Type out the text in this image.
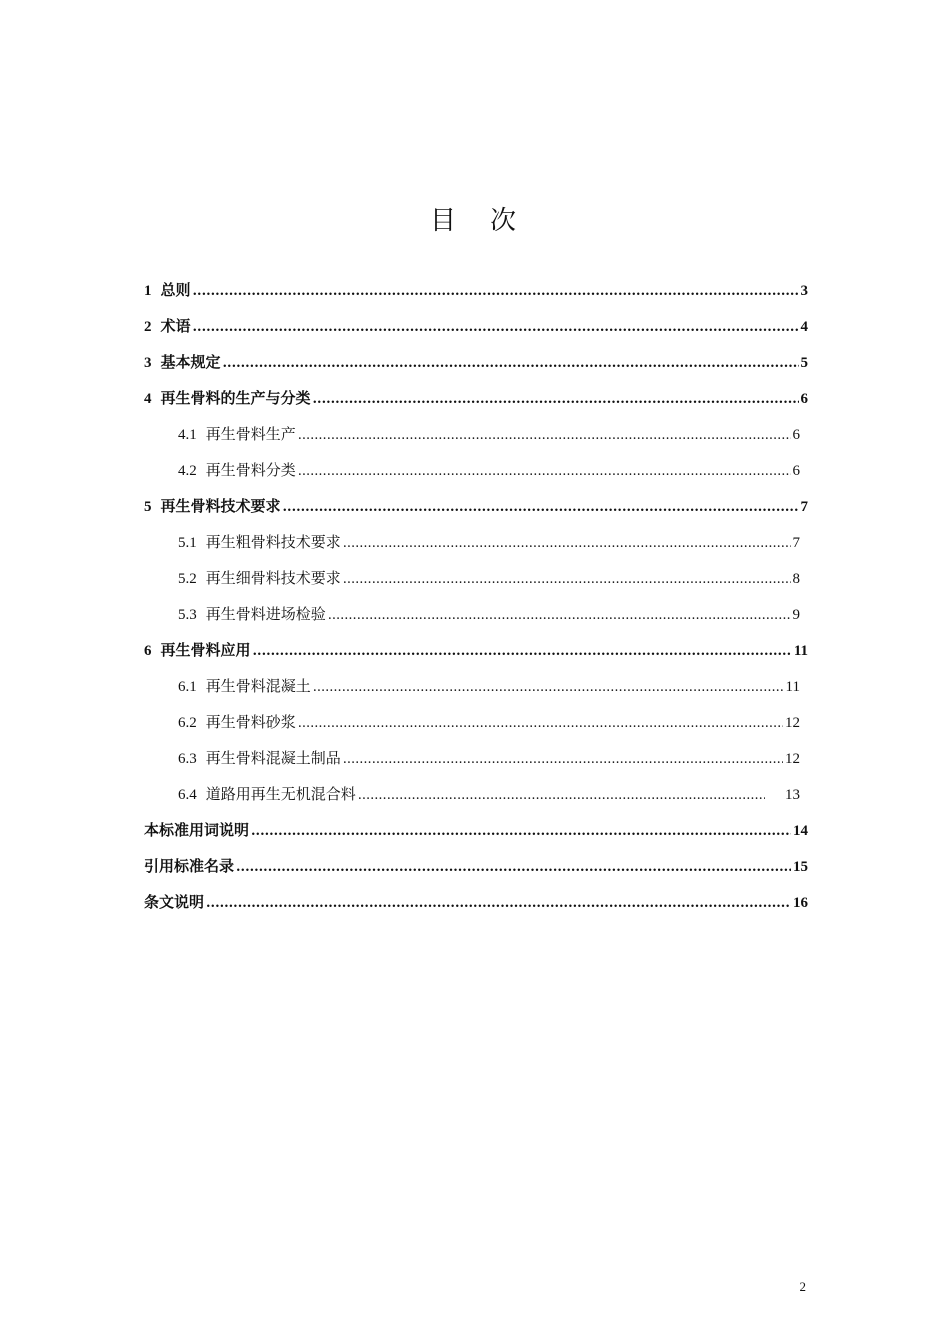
目　次
1 总则 .....	3
2 术语 .....	4
3 基本规定 .....	5
4 再生骨料的生产与分类 .....	6
4.1 再生骨料生产 .....	6
4.2 再生骨料分类 .....	6
5 再生骨料技术要求 .....	7
5.1 再生粗骨料技术要求 .....	7
5.2 再生细骨料技术要求 .....	8
5.3 再生骨料进场检验 .....	9
6 再生骨料应用 .....	11
6.1 再生骨料混凝土 .....	11
6.2 再生骨料砂浆 .....	12
6.3 再生骨料混凝土制品 .....	12
6.4 道路用再生无机混合料 .....	13
本标准用词说明 .....	14
引用标准名录 .....	15
条文说明 .....	16
2
